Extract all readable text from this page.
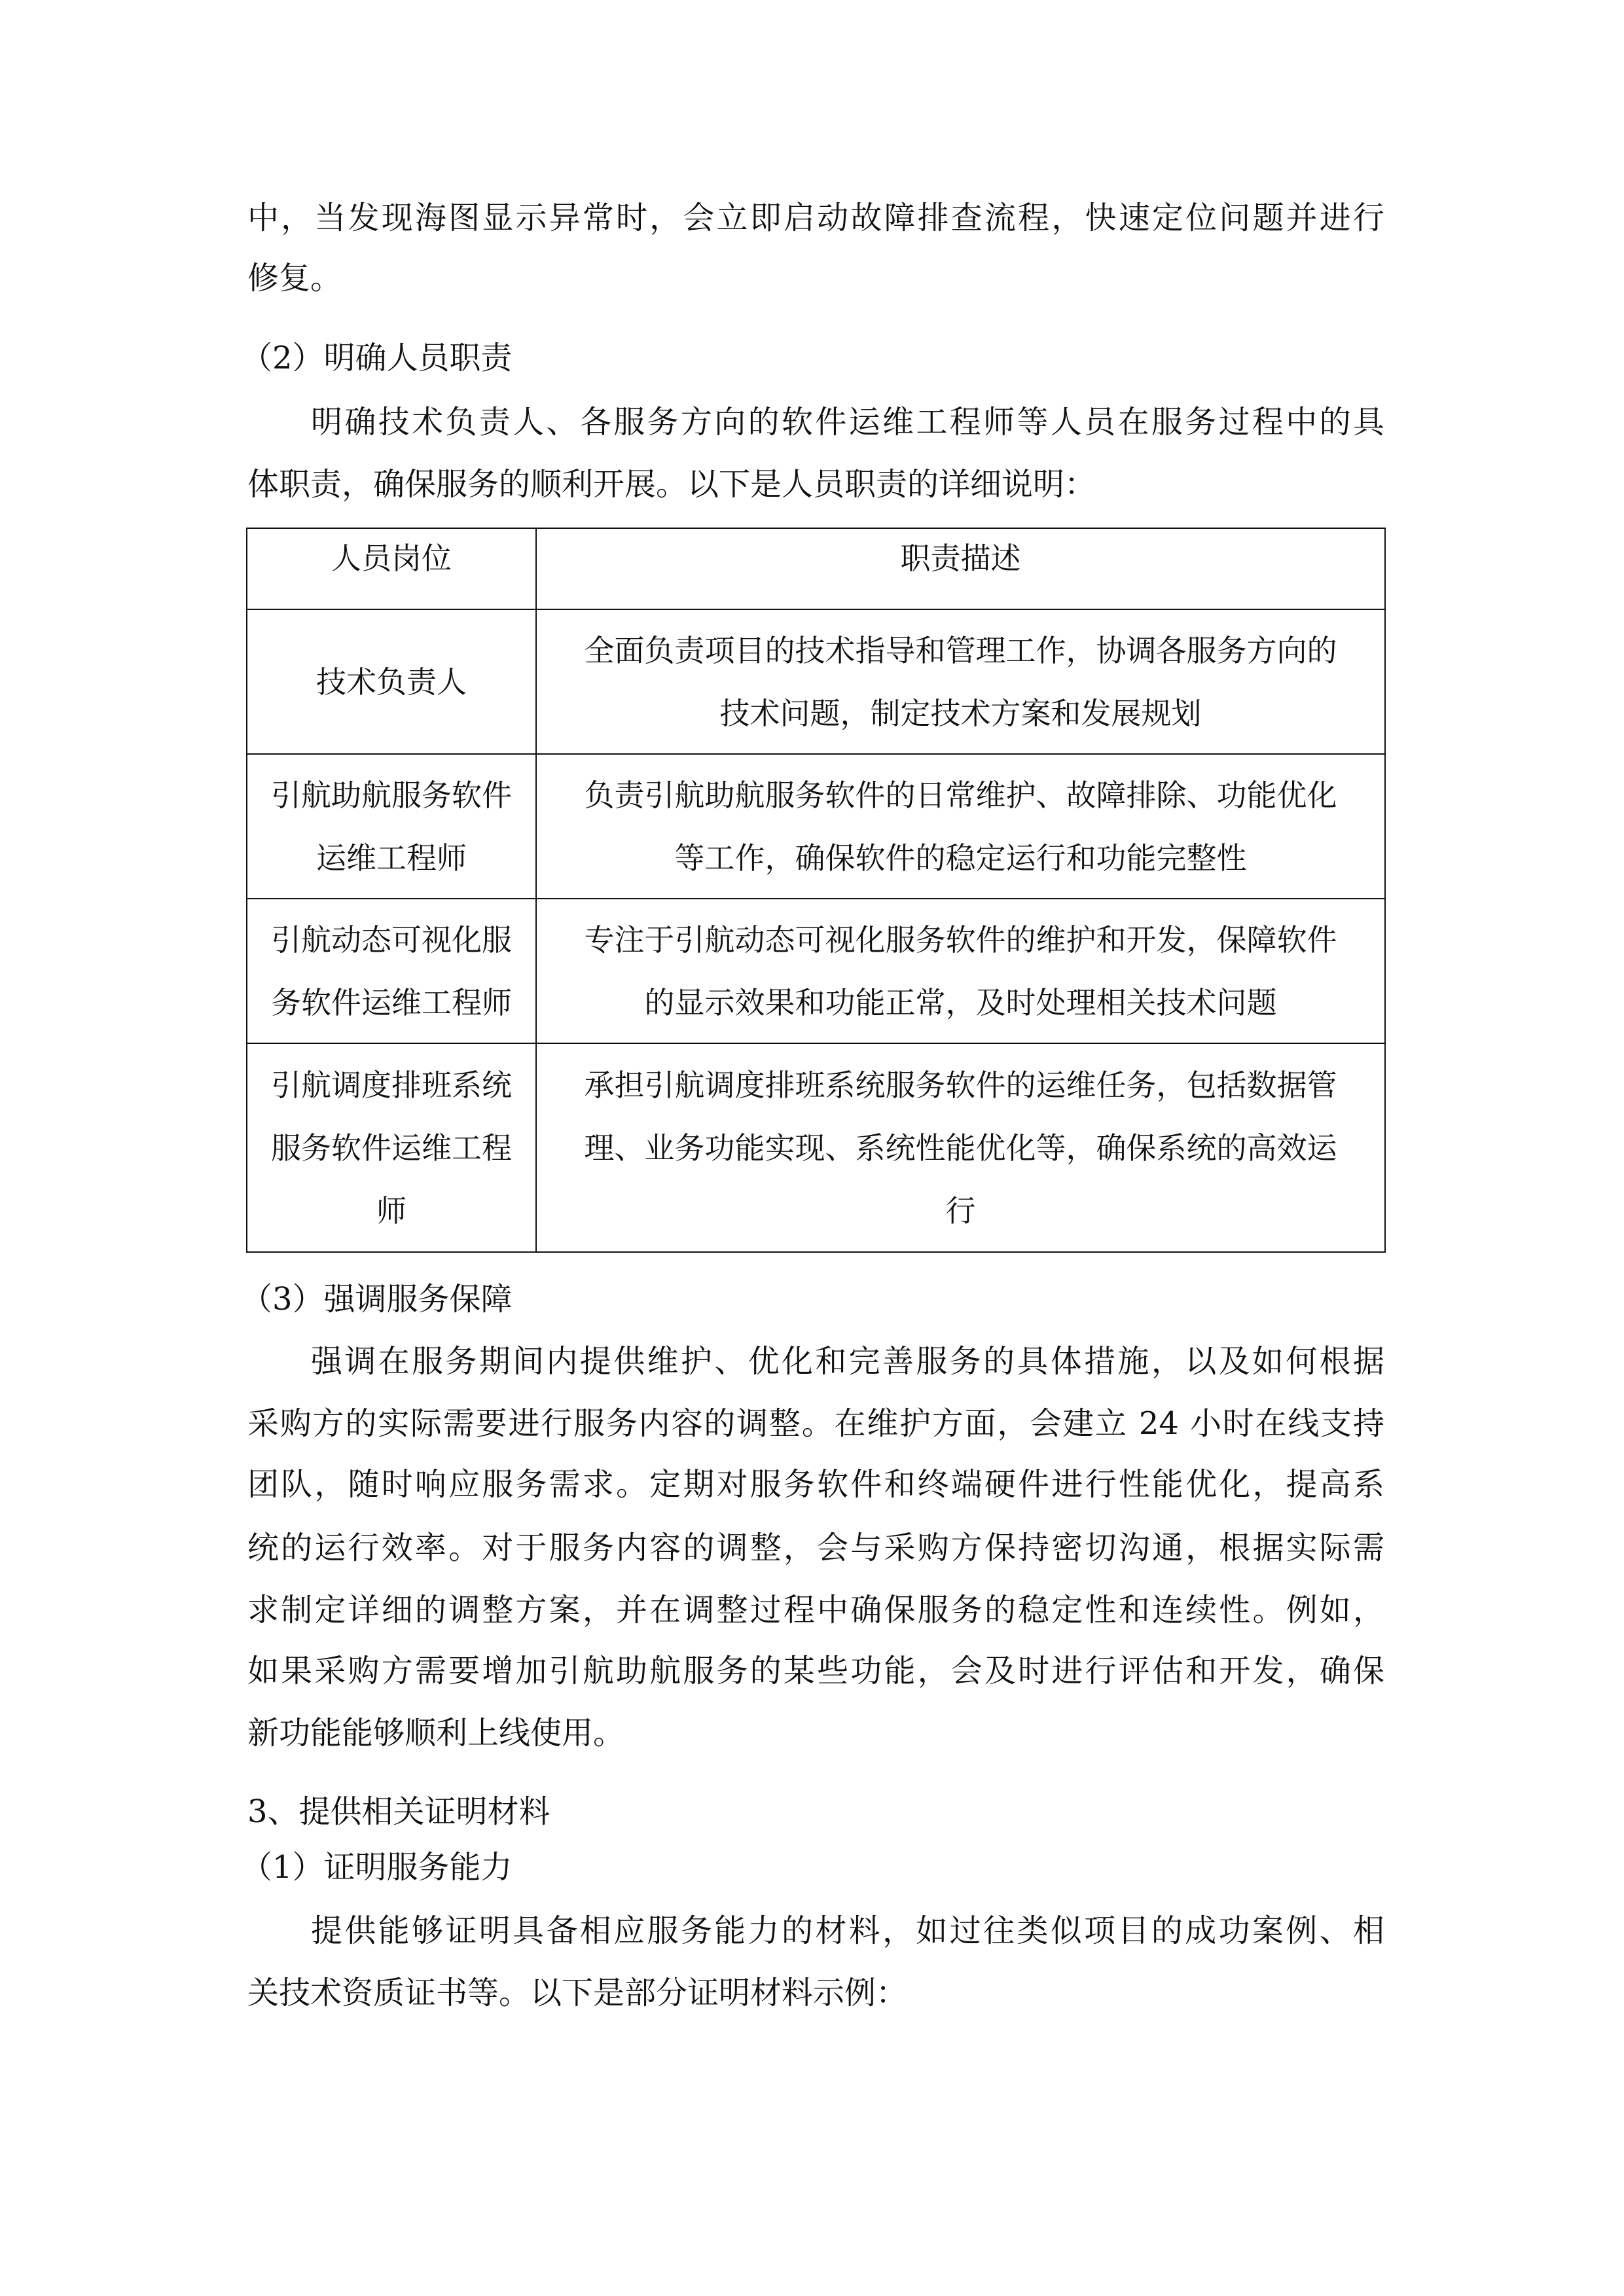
中，当发现海图显示异常时，会立即启动故障排查流程，快速定位问题并进行
修复。
（2）明确人员职责
明确技术负责人、各服务方向的软件运维工程师等人员在服务过程中的具
体职责，确保服务的顺利开展。以下是人员职责的详细说明：
人员岗位	职责描述

技术负责人	全面负责项目的技术指导和管理工作，协调各服务方向的
技术问题，制定技术方案和发展规划

引航助航服务软件
运维工程师	负责引航助航服务软件的日常维护、故障排除、功能优化
等工作，确保软件的稳定运行和功能完整性

引航动态可视化服
务软件运维工程师	专注于引航动态可视化服务软件的维护和开发，保障软件
的显示效果和功能正常，及时处理相关技术问题

引航调度排班系统
服务软件运维工程
师	承担引航调度排班系统服务软件的运维任务，包括数据管
理、业务功能实现、系统性能优化等，确保系统的高效运
行
（3）强调服务保障
强调在服务期间内提供维护、优化和完善服务的具体措施，以及如何根据
采购方的实际需要进行服务内容的调整。在维护方面，会建立 24 小时在线支持
团队，随时响应服务需求。定期对服务软件和终端硬件进行性能优化，提高系
统的运行效率。对于服务内容的调整，会与采购方保持密切沟通，根据实际需
求制定详细的调整方案，并在调整过程中确保服务的稳定性和连续性。例如，
如果采购方需要增加引航助航服务的某些功能，会及时进行评估和开发，确保
新功能能够顺利上线使用。
3、提供相关证明材料
（1）证明服务能力
提供能够证明具备相应服务能力的材料，如过往类似项目的成功案例、相
关技术资质证书等。以下是部分证明材料示例：
